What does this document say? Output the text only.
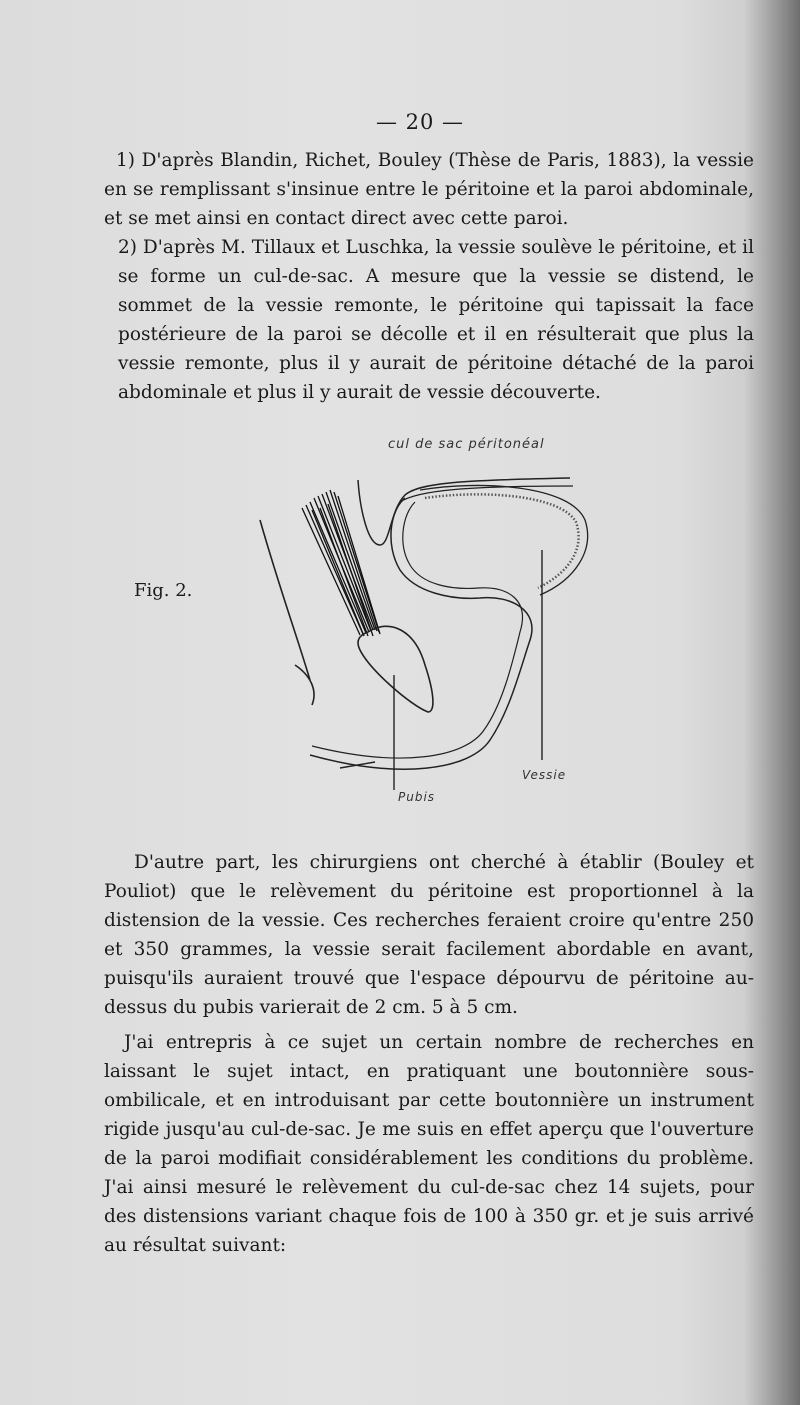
— 20 —

1) D'après Blandin, Richet, Bouley (Thèse de Paris, 1883), la vessie en se remplissant s'insinue entre le péritoine et la paroi abdominale, et se met ainsi en contact direct avec cette paroi.

2) D'après M. Tillaux et Luschka, la vessie soulève le péritoine, et il se forme un cul-de-sac. A mesure que la vessie se distend, le sommet de la vessie remonte, le péritoine qui tapissait la face postérieure de la paroi se décolle et il en résulterait que plus la vessie remonte, plus il y aurait de péritoine détaché de la paroi abdominale et plus il y aurait de vessie découverte.

cul de sac péritonéal
Fig. 2.
Vessie
Pubis

D'autre part, les chirurgiens ont cherché à établir (Bouley et Pouliot) que le relèvement du péritoine est proportionnel à la distension de la vessie. Ces recherches feraient croire qu'entre 250 et 350 grammes, la vessie serait facilement abordable en avant, puisqu'ils auraient trouvé que l'espace dépourvu de péritoine au-dessus du pubis varierait de 2 cm. 5 à 5 cm.

J'ai entrepris à ce sujet un certain nombre de recherches en laissant le sujet intact, en pratiquant une boutonnière sous-ombilicale, et en introduisant par cette boutonnière un instrument rigide jusqu'au cul-de-sac. Je me suis en effet aperçu que l'ouverture de la paroi modifiait considérablement les conditions du problème. J'ai ainsi mesuré le relèvement du cul-de-sac chez 14 sujets, pour des distensions variant chaque fois de 100 à 350 gr. et je suis arrivé au résultat suivant:
